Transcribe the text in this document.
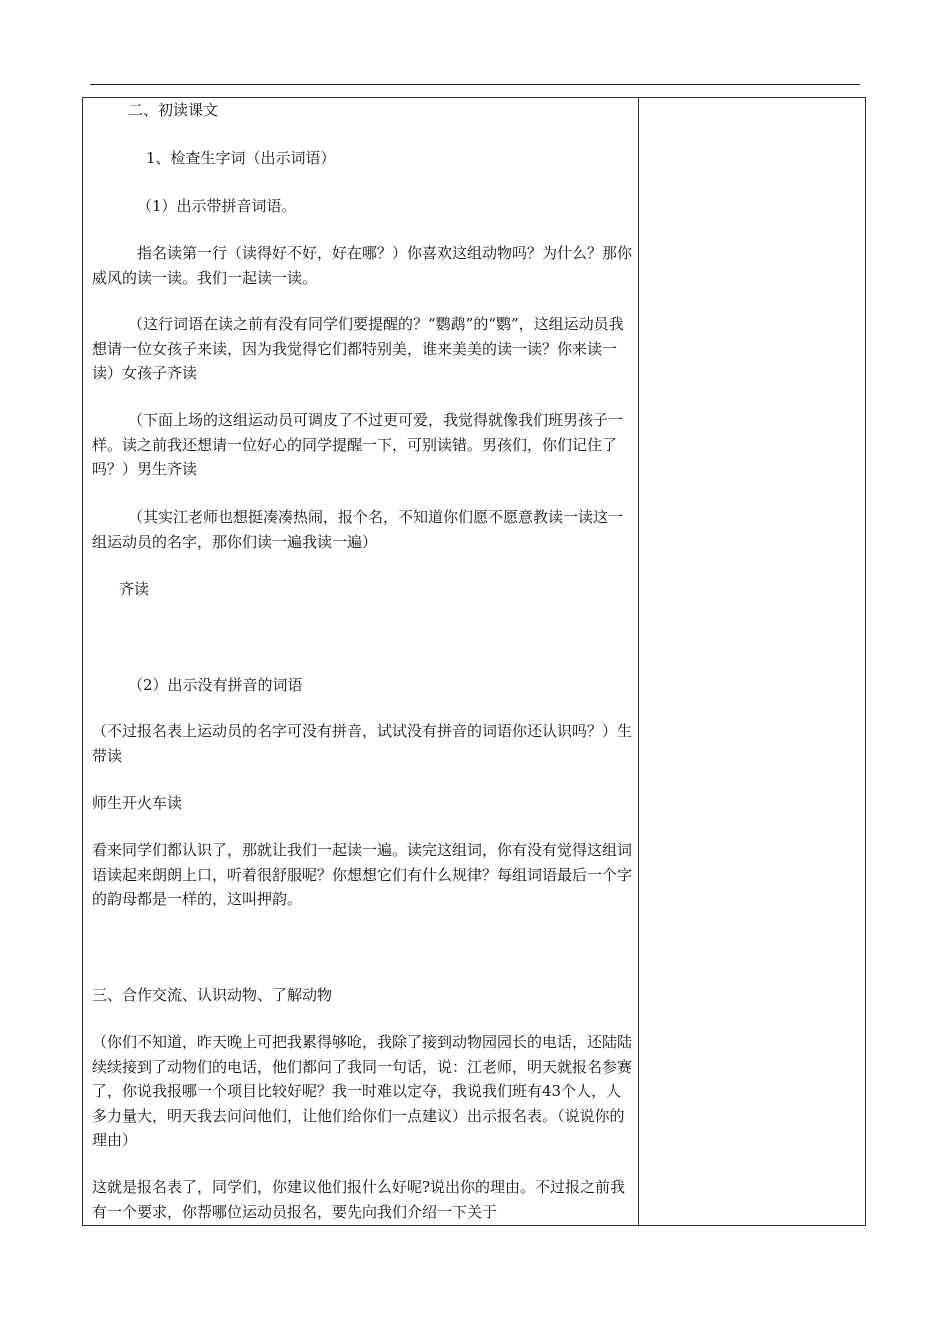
二、初读课文

1、检查生字词（出示词语）

（1）出示带拼音词语。

指名读第一行（读得好不好，好在哪？）你喜欢这组动物吗？为什么？那你威风的读一读。我们一起读一读。

（这行词语在读之前有没有同学们要提醒的？“鹦鹉”的“鹦”，这组运动员我想请一位女孩子来读，因为我觉得它们都特别美，谁来美美的读一读？你来读一读）女孩子齐读

（下面上场的这组运动员可调皮了不过更可爱，我觉得就像我们班男孩子一样。读之前我还想请一位好心的同学提醒一下，可别读错。男孩们，你们记住了吗？）男生齐读

（其实江老师也想挺凑凑热闹，报个名，不知道你们愿不愿意教读一读这一组运动员的名字，那你们读一遍我读一遍）

齐读

（2）出示没有拼音的词语

（不过报名表上运动员的名字可没有拼音，试试没有拼音的词语你还认识吗？）生带读

师生开火车读

看来同学们都认识了，那就让我们一起读一遍。读完这组词，你有没有觉得这组词语读起来朗朗上口，听着很舒服呢？你想想它们有什么规律？每组词语最后一个字的韵母都是一样的，这叫押韵。

三、合作交流、认识动物、了解动物

（你们不知道，昨天晚上可把我累得够呛，我除了接到动物园园长的电话，还陆陆续续接到了动物们的电话，他们都问了我同一句话，说：江老师，明天就报名参赛了，你说我报哪一个项目比较好呢？我一时难以定夺，我说我们班有43个人，人多力量大，明天我去问问他们，让他们给你们一点建议）出示报名表。（说说你的理由）

这就是报名表了，同学们，你建议他们报什么好呢?说出你的理由。不过报之前我有一个要求，你帮哪位运动员报名，要先向我们介绍一下关于
